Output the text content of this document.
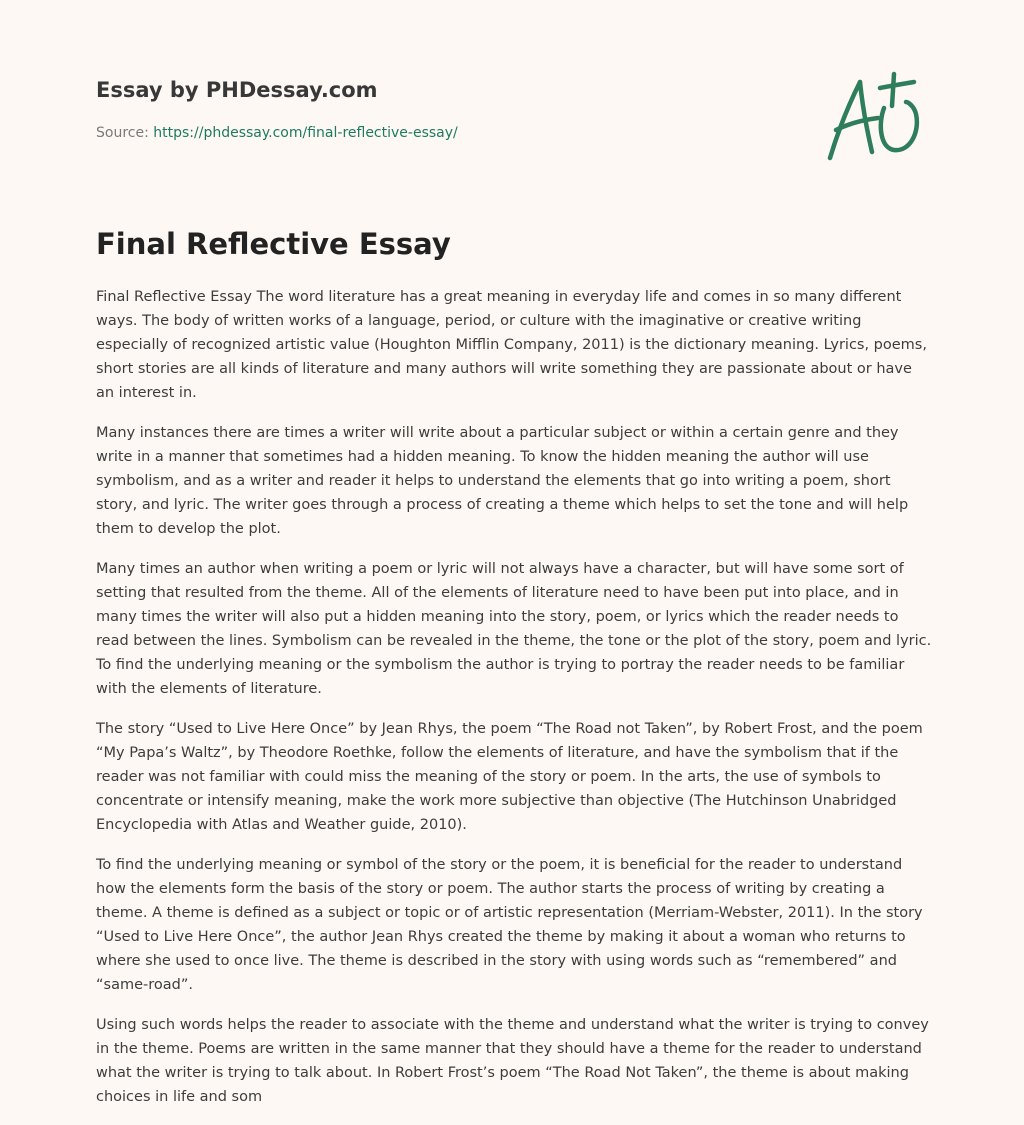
Essay by PHDessay.com
Source: https://phdessay.com/final-reflective-essay/
Final Reflective Essay

Final Reflective Essay The word literature has a great meaning in everyday life and comes in so many different ways. The body of written works of a language, period, or culture with the imaginative or creative writing especially of recognized artistic value (Houghton Mifflin Company, 2011) is the dictionary meaning. Lyrics, poems, short stories are all kinds of literature and many authors will write something they are passionate about or have an interest in.

Many instances there are times a writer will write about a particular subject or within a certain genre and they write in a manner that sometimes had a hidden meaning. To know the hidden meaning the author will use symbolism, and as a writer and reader it helps to understand the elements that go into writing a poem, short story, and lyric. The writer goes through a process of creating a theme which helps to set the tone and will help them to develop the plot.

Many times an author when writing a poem or lyric will not always have a character, but will have some sort of setting that resulted from the theme. All of the elements of literature need to have been put into place, and in many times the writer will also put a hidden meaning into the story, poem, or lyrics which the reader needs to read between the lines. Symbolism can be revealed in the theme, the tone or the plot of the story, poem and lyric. To find the underlying meaning or the symbolism the author is trying to portray the reader needs to be familiar with the elements of literature.

The story “Used to Live Here Once” by Jean Rhys, the poem “The Road not Taken”, by Robert Frost, and the poem “My Papa’s Waltz”, by Theodore Roethke, follow the elements of literature, and have the symbolism that if the reader was not familiar with could miss the meaning of the story or poem. In the arts, the use of symbols to concentrate or intensify meaning, make the work more subjective than objective (The Hutchinson Unabridged Encyclopedia with Atlas and Weather guide, 2010).

To find the underlying meaning or symbol of the story or the poem, it is beneficial for the reader to understand how the elements form the basis of the story or poem. The author starts the process of writing by creating a theme. A theme is defined as a subject or topic or of artistic representation (Merriam-Webster, 2011). In the story “Used to Live Here Once”, the author Jean Rhys created the theme by making it about a woman who returns to where she used to once live. The theme is described in the story with using words such as “remembered” and “same-road”.

Using such words helps the reader to associate with the theme and understand what the writer is trying to convey in the theme. Poems are written in the same manner that they should have a theme for the reader to understand what the writer is trying to talk about. In Robert Frost’s poem “The Road Not Taken”, the theme is about making choices in life and som
